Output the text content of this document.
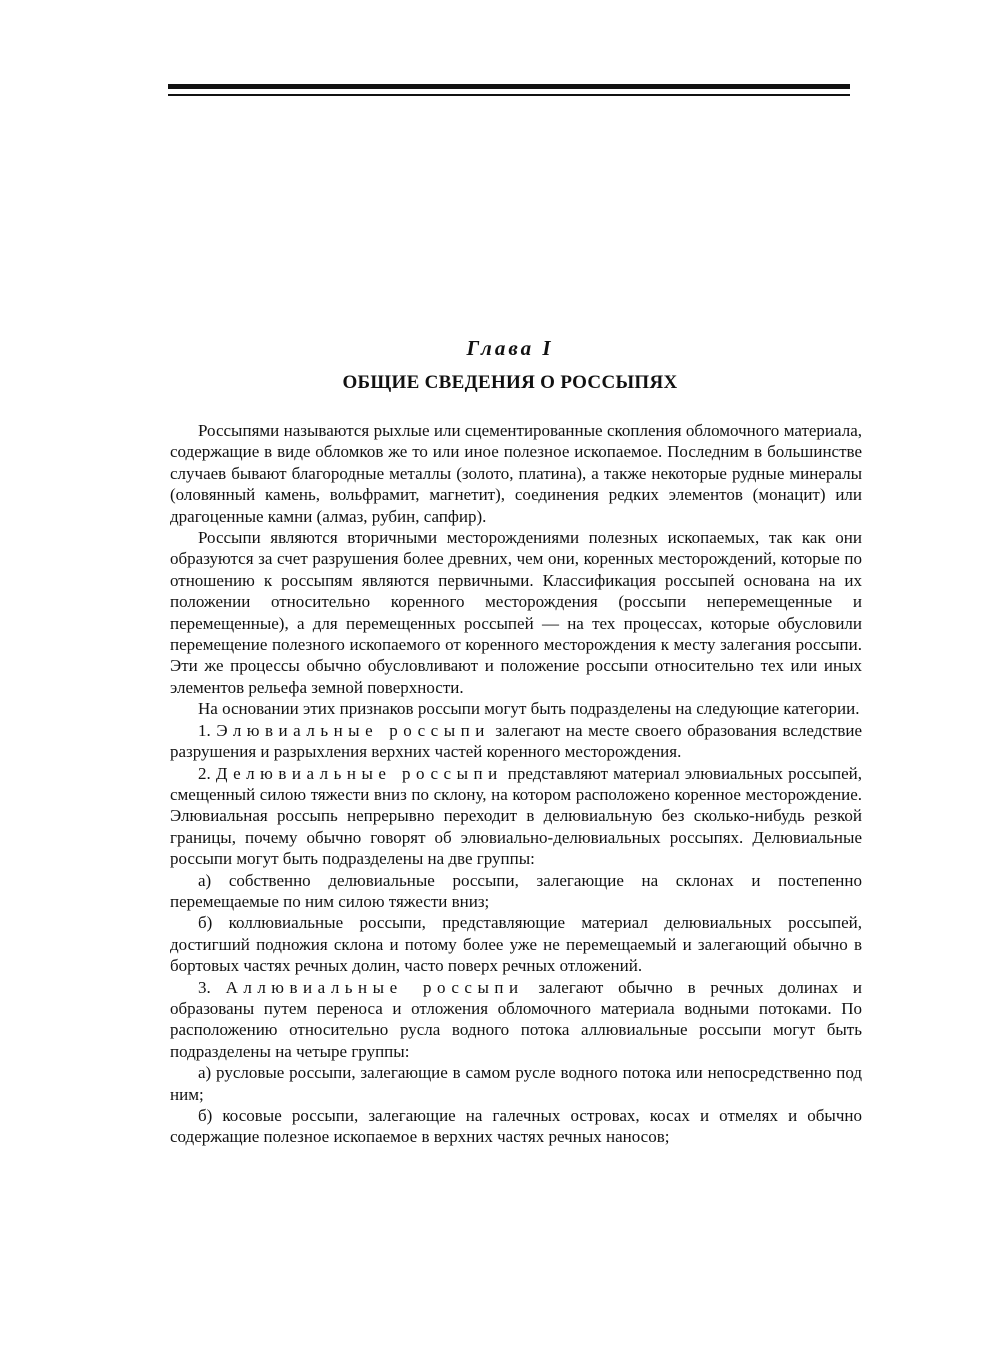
Глава I
ОБЩИЕ СВЕДЕНИЯ О РОССЫПЯХ

Россыпями называются рыхлые или сцементированные скопления обломочного материала, содержащие в виде обломков же то или иное полезное ископаемое. Последним в большинстве случаев бывают благородные металлы (золото, платина), а также некоторые рудные минералы (оловянный камень, вольфрамит, магнетит), соединения редких элементов (монацит) или драгоценные камни (алмаз, рубин, сапфир).

Россыпи являются вторичными месторождениями полезных ископаемых, так как они образуются за счет разрушения более древних, чем они, коренных месторождений, которые по отношению к россыпям являются первичными. Классификация россыпей основана на их положении относительно коренного месторождения (россыпи неперемещенные и перемещенные), а для перемещенных россыпей — на тех процессах, которые обусловили перемещение полезного ископаемого от коренного месторождения к месту залегания россыпи. Эти же процессы обычно обусловливают и положение россыпи относительно тех или иных элементов рельефа земной поверхности.

На основании этих признаков россыпи могут быть подразделены на следующие категории.

1. Элювиальные россыпи залегают на месте своего образования вследствие разрушения и разрыхления верхних частей коренного месторождения.

2. Делювиальные россыпи представляют материал элювиальных россыпей, смещенный силою тяжести вниз по склону, на котором расположено коренное месторождение. Элювиальная россыпь непрерывно переходит в делювиальную без сколько-нибудь резкой границы, почему обычно говорят об элювиально-делювиальных россыпях. Делювиальные россыпи могут быть подразделены на две группы:

а) собственно делювиальные россыпи, залегающие на склонах и постепенно перемещаемые по ним силою тяжести вниз;

б) коллювиальные россыпи, представляющие материал делювиальных россыпей, достигший подножия склона и потому более уже не перемещаемый и залегающий обычно в бортовых частях речных долин, часто поверх речных отложений.

3. Аллювиальные россыпи залегают обычно в речных долинах и образованы путем переноса и отложения обломочного материала водными потоками. По расположению относительно русла водного потока аллювиальные россыпи могут быть подразделены на четыре группы:

а) русловые россыпи, залегающие в самом русле водного потока или непосредственно под ним;

б) косовые россыпи, залегающие на галечных островах, косах и отмелях и обычно содержащие полезное ископаемое в верхних частях речных наносов;
